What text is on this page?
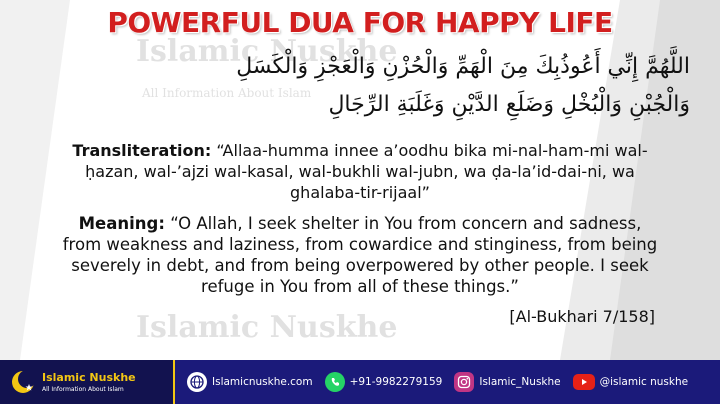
Islamic Nuskhe
All Information About Islam
Islamic Nuskhe
POWERFUL DUA FOR HAPPY LIFE
اللَّهُمَّ إِنِّي أَعُوذُبِكَ مِنَ الْهَمِّ وَالْحُزْنِ وَالْعَجْزِ وَالْكَسَلِ
وَالْجُبْنِ وَالْبُخْلِ وَضَلَعِ الدَّيْنِ وَغَلَبَةِ الرِّجَالِ
Transliteration: “Allaa-humma innee a’oodhu bika mi-nal-ham-mi wal-ḥazan, wal-’ajzi wal-kasal, wal-bukhli wal-jubn, wa ḍa-la’id-dai-ni, wa ghalaba-tir-rijaal”
Meaning: “O Allah, I seek shelter in You from concern and sadness, from weakness and laziness, from cowardice and stinginess, from being severely in debt, and from being overpowered by other people. I seek refuge in You from all of these things.”
[Al-Bukhari 7/158]
Islamic Nuskhe
All Information About Islam
Islamicnuskhe.com	+91-9982279159	Islamic_Nuskhe	@islamic nuskhe
